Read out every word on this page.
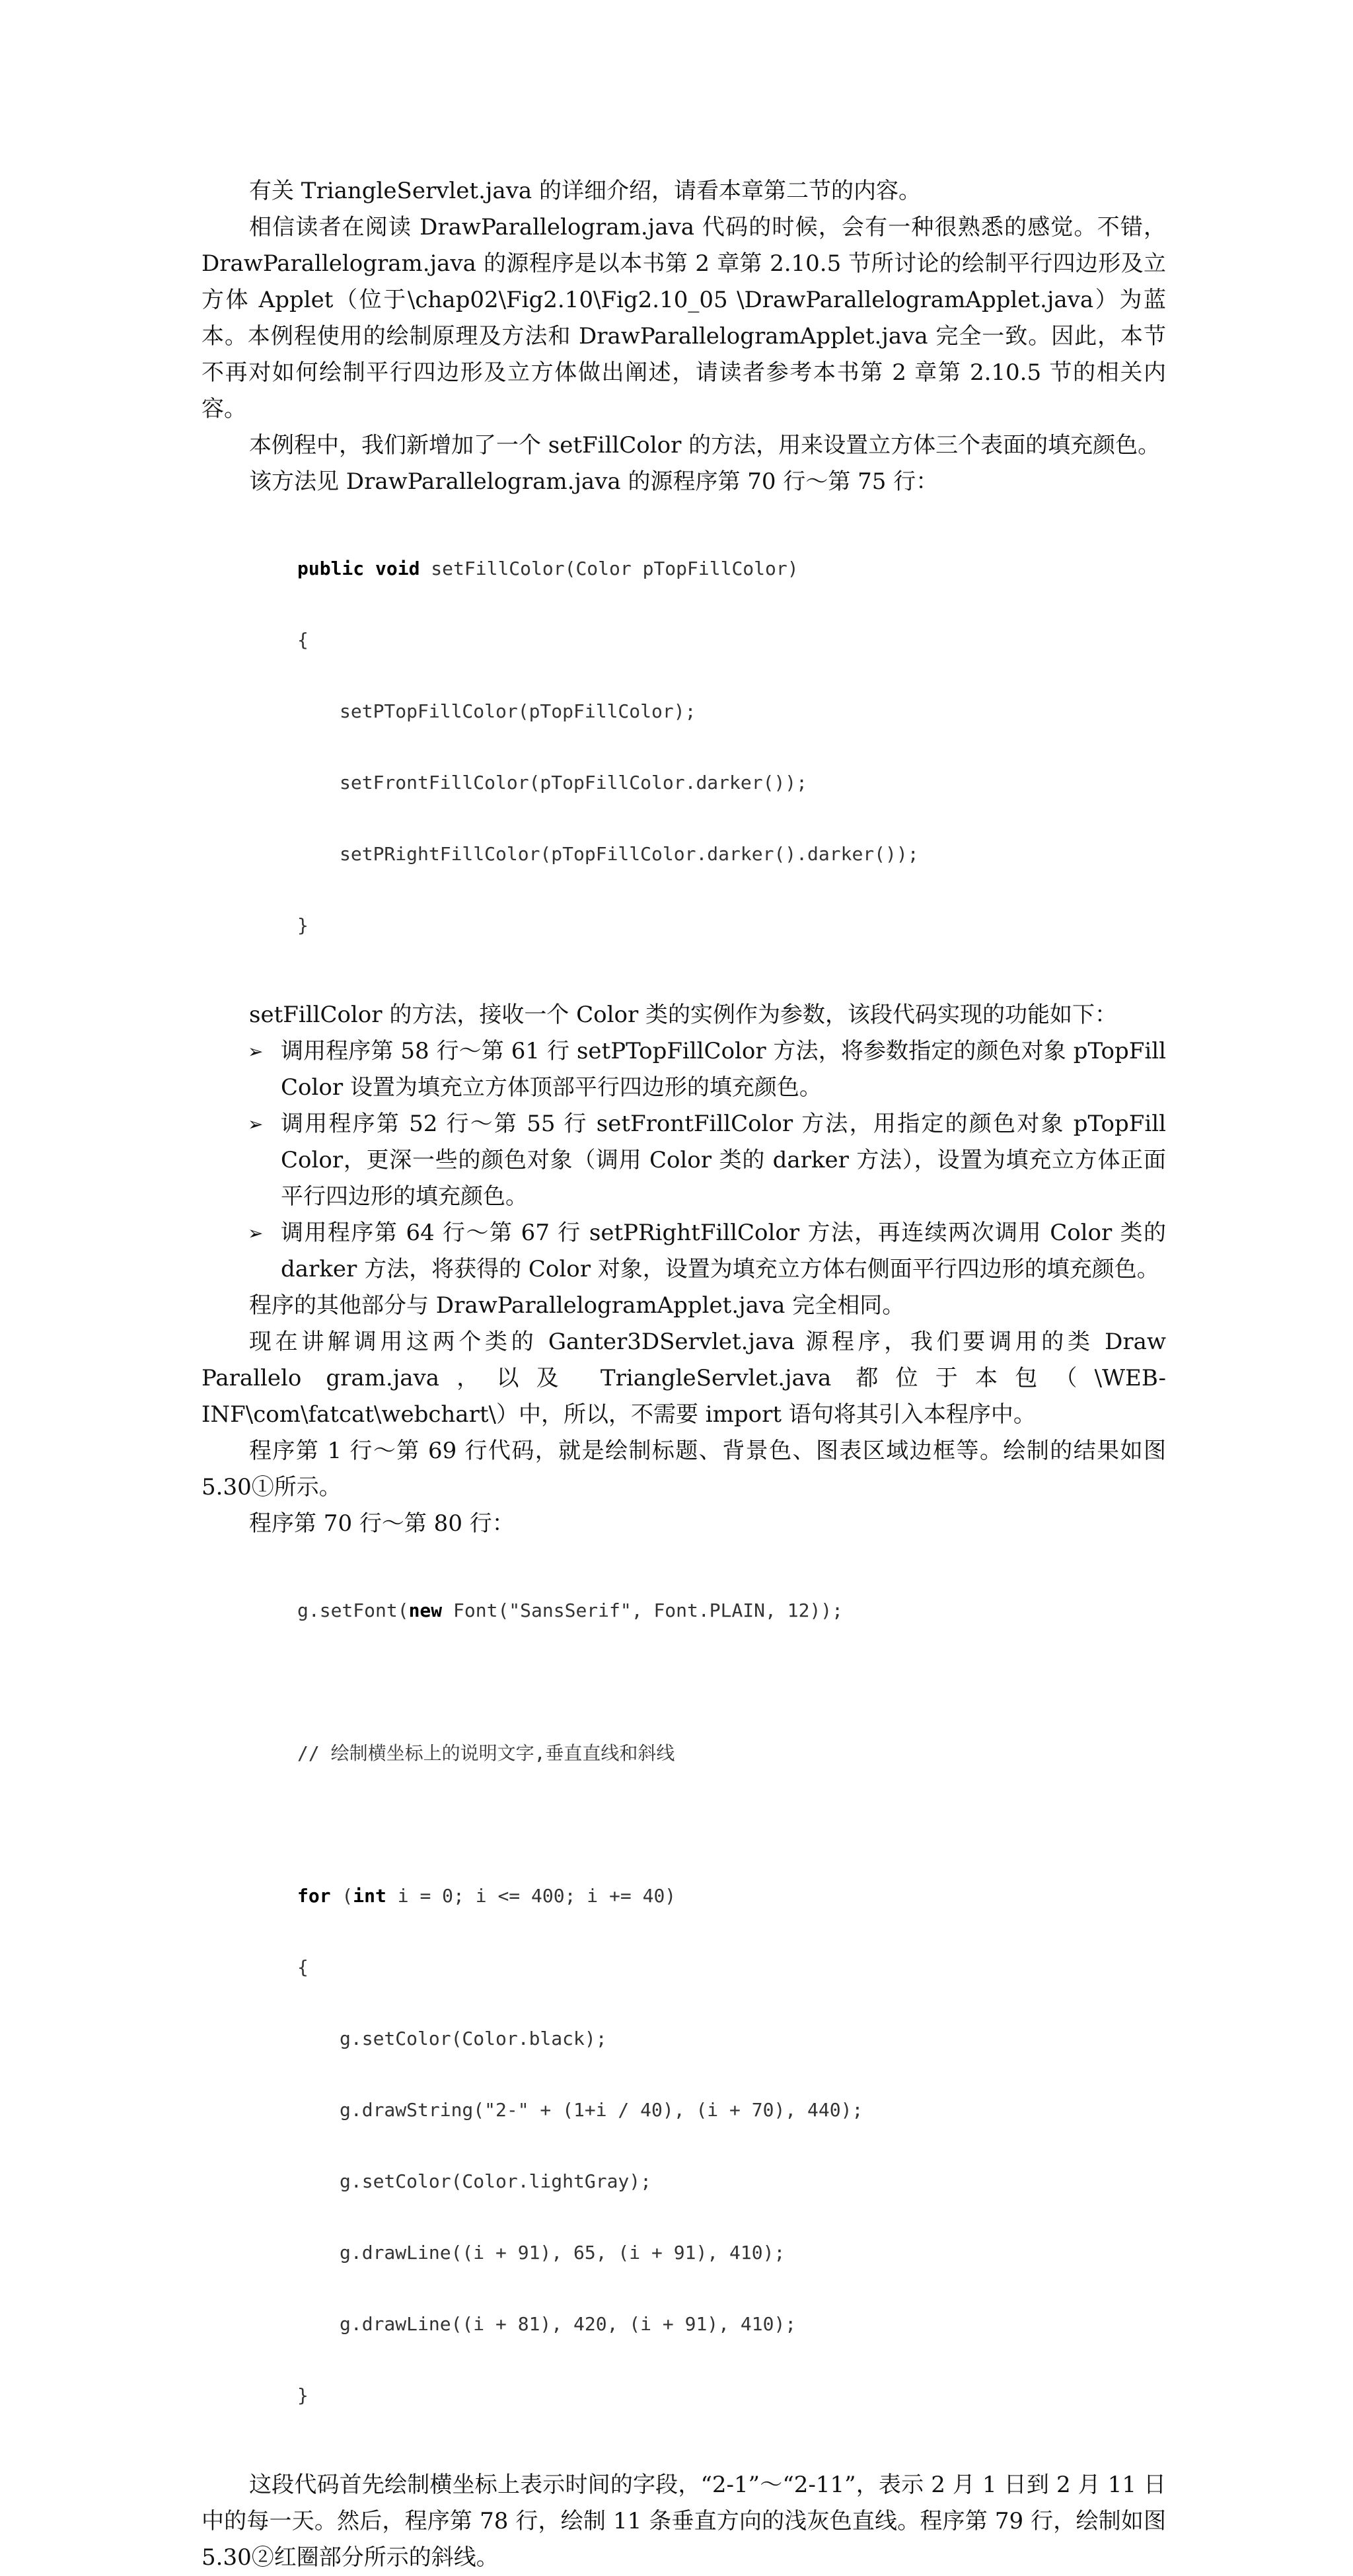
有关 TriangleServlet.java 的详细介绍，请看本章第二节的内容。

相信读者在阅读 DrawParallelogram.java 代码的时候，会有一种很熟悉的感觉。不错，DrawParallelogram.java 的源程序是以本书第 2 章第 2.10.5 节所讨论的绘制平行四边形及立方体 Applet（位于\chap02\Fig2.10\Fig2.10_05 \DrawParallelogramApplet.java）为蓝本。本例程使用的绘制原理及方法和 DrawParallelogramApplet.java 完全一致。因此，本节不再对如何绘制平行四边形及立方体做出阐述，请读者参考本书第 2 章第 2.10.5 节的相关内容。

本例程中，我们新增加了一个 setFillColor 的方法，用来设置立方体三个表面的填充颜色。

该方法见 DrawParallelogram.java 的源程序第 70 行～第 75 行：

public void setFillColor(Color pTopFillColor)

{

setPTopFillColor(pTopFillColor);

setFrontFillColor(pTopFillColor.darker());

setPRightFillColor(pTopFillColor.darker().darker());

}

setFillColor 的方法，接收一个 Color 类的实例作为参数，该段代码实现的功能如下：

➢ 调用程序第 58 行～第 61 行 setPTopFillColor 方法，将参数指定的颜色对象 pTopFill Color 设置为填充立方体顶部平行四边形的填充颜色。
➢ 调用程序第 52 行～第 55 行 setFrontFillColor 方法，用指定的颜色对象 pTopFill Color，更深一些的颜色对象（调用 Color 类的 darker 方法），设置为填充立方体正面平行四边形的填充颜色。
➢ 调用程序第 64 行～第 67 行 setPRightFillColor 方法，再连续两次调用 Color 类的 darker 方法，将获得的 Color 对象，设置为填充立方体右侧面平行四边形的填充颜色。

程序的其他部分与 DrawParallelogramApplet.java 完全相同。

现在讲解调用这两个类的 Ganter3DServlet.java 源程序，我们要调用的类 Draw Parallelo gram.java，以及 TriangleServlet.java 都位于本包（\WEB-INF\com\fatcat\webchart\）中，所以，不需要 import 语句将其引入本程序中。

程序第 1 行～第 69 行代码，就是绘制标题、背景色、图表区域边框等。绘制的结果如图 5.30①所示。

程序第 70 行～第 80 行：

g.setFont(new Font("SansSerif", Font.PLAIN, 12));

// 绘制横坐标上的说明文字,垂直直线和斜线

for (int i = 0; i <= 400; i += 40)

{

g.setColor(Color.black);

g.drawString("2-" + (1+i / 40), (i + 70), 440);

g.setColor(Color.lightGray);

g.drawLine((i + 91), 65, (i + 91), 410);

g.drawLine((i + 81), 420, (i + 91), 410);

}

这段代码首先绘制横坐标上表示时间的字段，“2-1”～“2-11”，表示 2 月 1 日到 2 月 11 日中的每一天。然后，程序第 78 行，绘制 11 条垂直方向的浅灰色直线。程序第 79 行，绘制如图 5.30②红圈部分所示的斜线。
